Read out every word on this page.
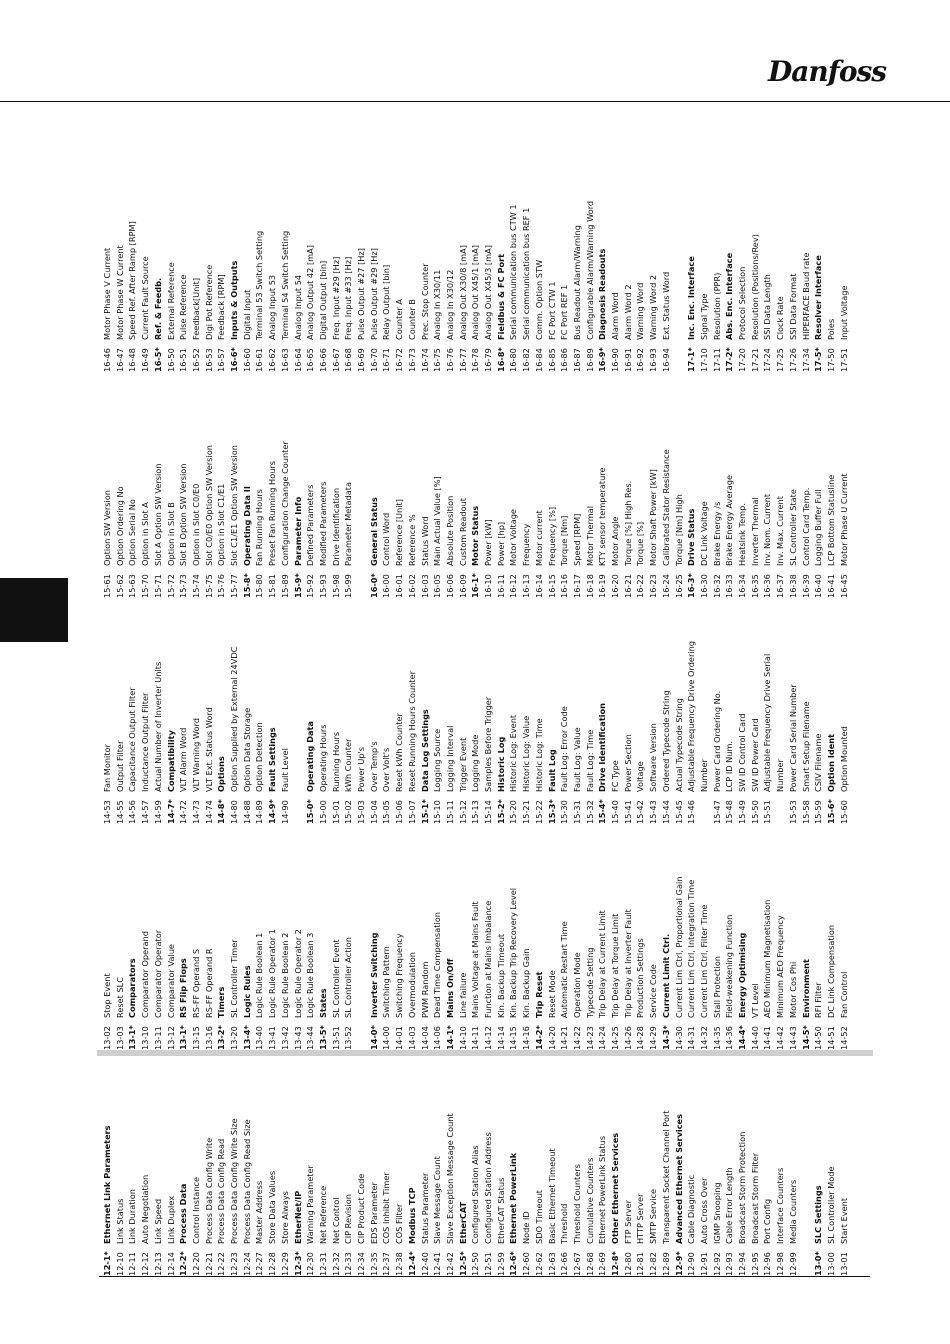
Danfoss
12-1*
Ethernet Link Parameters
12-10
Link Status
12-11
Link Duration
12-12
Auto Negotiation
12-13
Link Speed
12-14
Link Duplex
12-2*
Process Data
12-20
Control Instance
12-21
Process Data Config Write
12-22
Process Data Config Read
12-23
Process Data Config Write Size
12-24
Process Data Config Read Size
12-27
Master Address
12-28
Store Data Values
12-29
Store Always
12-3*
EtherNet/IP
12-30
Warning Parameter
12-31
Net Reference
12-32
Net Control
12-33
CIP Revision
12-34
CIP Product Code
12-35
EDS Parameter
12-37
COS Inhibit Timer
12-38
COS Filter
12-4*
Modbus TCP
12-40
Status Parameter
12-41
Slave Message Count
12-42
Slave Exception Message Count
12-5*
EtherCAT
12-50
Configured Station Alias
12-51
Configured Station Address
12-59
EtherCAT Status
12-6*
Ethernet PowerLink
12-60
Node ID
12-62
SDO Timeout
12-63
Basic Ethernet Timeout
12-66
Threshold
12-67
Threshold Counters
12-68
Cumulative Counters
12-69
Ethernet PowerLink Status
12-8*
Other Ethernet Services
12-80
FTP Server
12-81
HTTP Server
12-82
SMTP Service
12-89
Transparent Socket Channel Port
12-9*
Advanced Ethernet Services
12-90
Cable Diagnostic
12-91
Auto Cross Over
12-92
IGMP Snooping
12-93
Cable Error Length
12-94
Broadcast Storm Protection
12-95
Broadcast Storm Filter
12-96
Port Config
12-98
Interface Counters
12-99
Media Counters
13-**
Smart Logic
13-0*
SLC Settings
13-00
SL Controller Mode
13-01
Start Event
13-02
Stop Event
13-03
Reset SLC
13-1*
Comparators
13-10
Comparator Operand
13-11
Comparator Operator
13-12
Comparator Value
13-1*
RS Flip Flops
13-15
RS-FF Operand S
13-16
RS-FF Operand R
13-2*
Timers
13-20
SL Controller Timer
13-4*
Logic Rules
13-40
Logic Rule Boolean 1
13-41
Logic Rule Operator 1
13-42
Logic Rule Boolean 2
13-43
Logic Rule Operator 2
13-44
Logic Rule Boolean 3
13-5*
States
13-51
SL Controller Event
13-52
SL Controller Action
14-**
Special Functions
14-0*
Inverter Switching
14-00
Switching Pattern
14-01
Switching Frequency
14-03
Overmodulation
14-04
PWM Random
14-06
Dead Time Compensation
14-1*
Mains On/Off
14-10
Line failure
14-11
Mains Voltage at Mains Fault
14-12
Function at Mains Imbalance
14-14
Kin. Backup Timeout
14-15
Kin. Backup Trip Recovery Level
14-16
Kin. Backup Gain
14-2*
Trip Reset
14-20
Reset Mode
14-21
Automatic Restart Time
14-22
Operation Mode
14-23
Typecode Setting
14-24
Trip Delay at Current Limit
14-25
Trip Delay at Torque Limit
14-26
Trip Delay at Inverter Fault
14-28
Production Settings
14-29
Service Code
14-3*
Current Limit Ctrl.
14-30
Current Lim Ctrl, Proportional Gain
14-31
Current Lim Ctrl, Integration Time
14-32
Current Lim Ctrl, Filter Time
14-35
Stall Protection
14-36
Field-weakening Function
14-4*
Energy Optimising
14-40
VT Level
14-41
AEO Minimum Magnetisation
14-42
Minimum AEO Frequency
14-43
Motor Cos Phi
14-5*
Environment
14-50
RFI Filter
14-51
DC Link Compensation
14-52
Fan Control
14-53
Fan Monitor
14-55
Output Filter
14-56
Capacitance Output Filter
14-57
Inductance Output Filter
14-59
Actual Number of Inverter Units
14-7*
Compatibility
14-72
VLT Alarm Word
14-73
VLT Warning Word
14-74
VLT Ext. Status Word
14-8*
Options
14-80
Option Supplied by External 24VDC
14-88
Option Data Storage
14-89
Option Detection
14-9*
Fault Settings
14-90
Fault Level
15-**
Drive Information
15-0*
Operating Data
15-00
Operating Hours
15-01
Running Hours
15-02
kWh Counter
15-03
Power Up's
15-04
Over Temp's
15-05
Over Volt's
15-06
Reset kWh Counter
15-07
Reset Running Hours Counter
15-1*
Data Log Settings
15-10
Logging Source
15-11
Logging Interval
15-12
Trigger Event
15-13
Logging Mode
15-14
Samples Before Trigger
15-2*
Historic Log
15-20
Historic Log: Event
15-21
Historic Log: Value
15-22
Historic Log: Time
15-3*
Fault Log
15-30
Fault Log: Error Code
15-31
Fault Log: Value
15-32
Fault Log: Time
15-4*
Drive Identification
15-40
FC Type
15-41
Power Section
15-42
Voltage
15-43
Software Version
15-44
Ordered Typecode String
15-45
Actual Typecode String
15-46
Adjustable Frequency Drive Ordering Number
15-47
Power Card Ordering No.
15-48
LCP ID Num.
15-49
SW ID Control Card
15-50
SW ID Power Card
15-51
Adjustable Frequency Drive Serial Number
15-53
Power Card Serial Number
15-58
Smart Setup Filename
15-59
CSIV Filename
15-6*
Option Ident
15-60
Option Mounted
15-61
Option SW Version
15-62
Option Ordering No
15-63
Option Serial No
15-70
Option in Slot A
15-71
Slot A Option SW Version
15-72
Option in Slot B
15-73
Slot B Option SW Version
15-74
Option in Slot C0/E0
15-75
Slot C0/E0 Option SW Version
15-76
Option in Slot C1/E1
15-77
Slot C1/E1 Option SW Version
15-8*
Operating Data II
15-80
Fan Running Hours
15-81
Preset Fan Running Hours
15-89
Configuration Change Counter
15-9*
Parameter Info
15-92
Defined Parameters
15-93
Modified Parameters
15-98
Drive Identification
15-99
Parameter Metadata
16-**
Data Readouts
16-0*
General Status
16-00
Control Word
16-01
Reference [Unit]
16-02
Reference %
16-03
Status Word
16-05
Main Actual Value [%]
16-06
Absolute Position
16-09
Custom Readout
16-1*
Motor Status
16-10
Power [kW]
16-11
Power [hp]
16-12
Motor Voltage
16-13
Frequency
16-14
Motor current
16-15
Frequency [%]
16-16
Torque [Nm]
16-17
Speed [RPM]
16-18
Motor Thermal
16-19
KTY sensor temperature
16-20
Motor Angle
16-21
Torque [%] High Res.
16-22
Torque [%]
16-23
Motor Shaft Power [kW]
16-24
Calibrated Stator Resistance
16-25
Torque [Nm] High
16-3*
Drive Status
16-30
DC Link Voltage
16-32
Brake Energy /s
16-33
Brake Energy Average
16-34
Heatsink Temp.
16-35
Inverter Thermal
16-36
Inv. Nom. Current
16-37
Inv. Max. Current
16-38
SL Controller State
16-39
Control Card Temp.
16-40
Logging Buffer Full
16-41
LCP Bottom Statusline
16-45
Motor Phase U Current
16-46
Motor Phase V Current
16-47
Motor Phase W Current
16-48
Speed Ref. After Ramp [RPM]
16-49
Current Fault Source
16-5*
Ref. & Feedb.
16-50
External Reference
16-51
Pulse Reference
16-52
Feedback[Unit]
16-53
Digi Pot Reference
16-57
Feedback [RPM]
16-6*
Inputs & Outputs
16-60
Digital Input
16-61
Terminal 53 Switch Setting
16-62
Analog Input 53
16-63
Terminal 54 Switch Setting
16-64
Analog Input 54
16-65
Analog Output 42 [mA]
16-66
Digital Output [bin]
16-67
Freq. Input #29 [Hz]
16-68
Freq. Input #33 [Hz]
16-69
Pulse Output #27 [Hz]
16-70
Pulse Output #29 [Hz]
16-71
Relay Output [bin]
16-72
Counter A
16-73
Counter B
16-74
Prec. Stop Counter
16-75
Analog In X30/11
16-76
Analog In X30/12
16-77
Analog Out X30/8 [mA]
16-78
Analog Out X45/1 [mA]
16-79
Analog Out X45/3 [mA]
16-8*
Fieldbus & FC Port
16-80
Serial communication bus CTW 1
16-82
Serial communication bus REF 1
16-84
Comm. Option STW
16-85
FC Port CTW 1
16-86
FC Port REF 1
16-87
Bus Readout Alarm/Warning
16-89
Configurable Alarm/Warning Word
16-9*
Diagnosis Readouts
16-90
Alarm Word
16-91
Alarm Word 2
16-92
Warning Word
16-93
Warning Word 2
16-94
Ext. Status Word
17-**
Feedback
17-1*
Inc. Enc. Interface
17-10
Signal Type
17-11
Resolution (PPR)
17-2*
Abs. Enc. Interface
17-20
Protocol Selection
17-21
Resolution (Positions/Rev)
17-24
SSI Data Length
17-25
Clock Rate
17-26
SSI Data Format
17-34
HIPERFACE Baud rate
17-5*
Resolver Interface
17-50
Poles
17-51
Input Voltage
